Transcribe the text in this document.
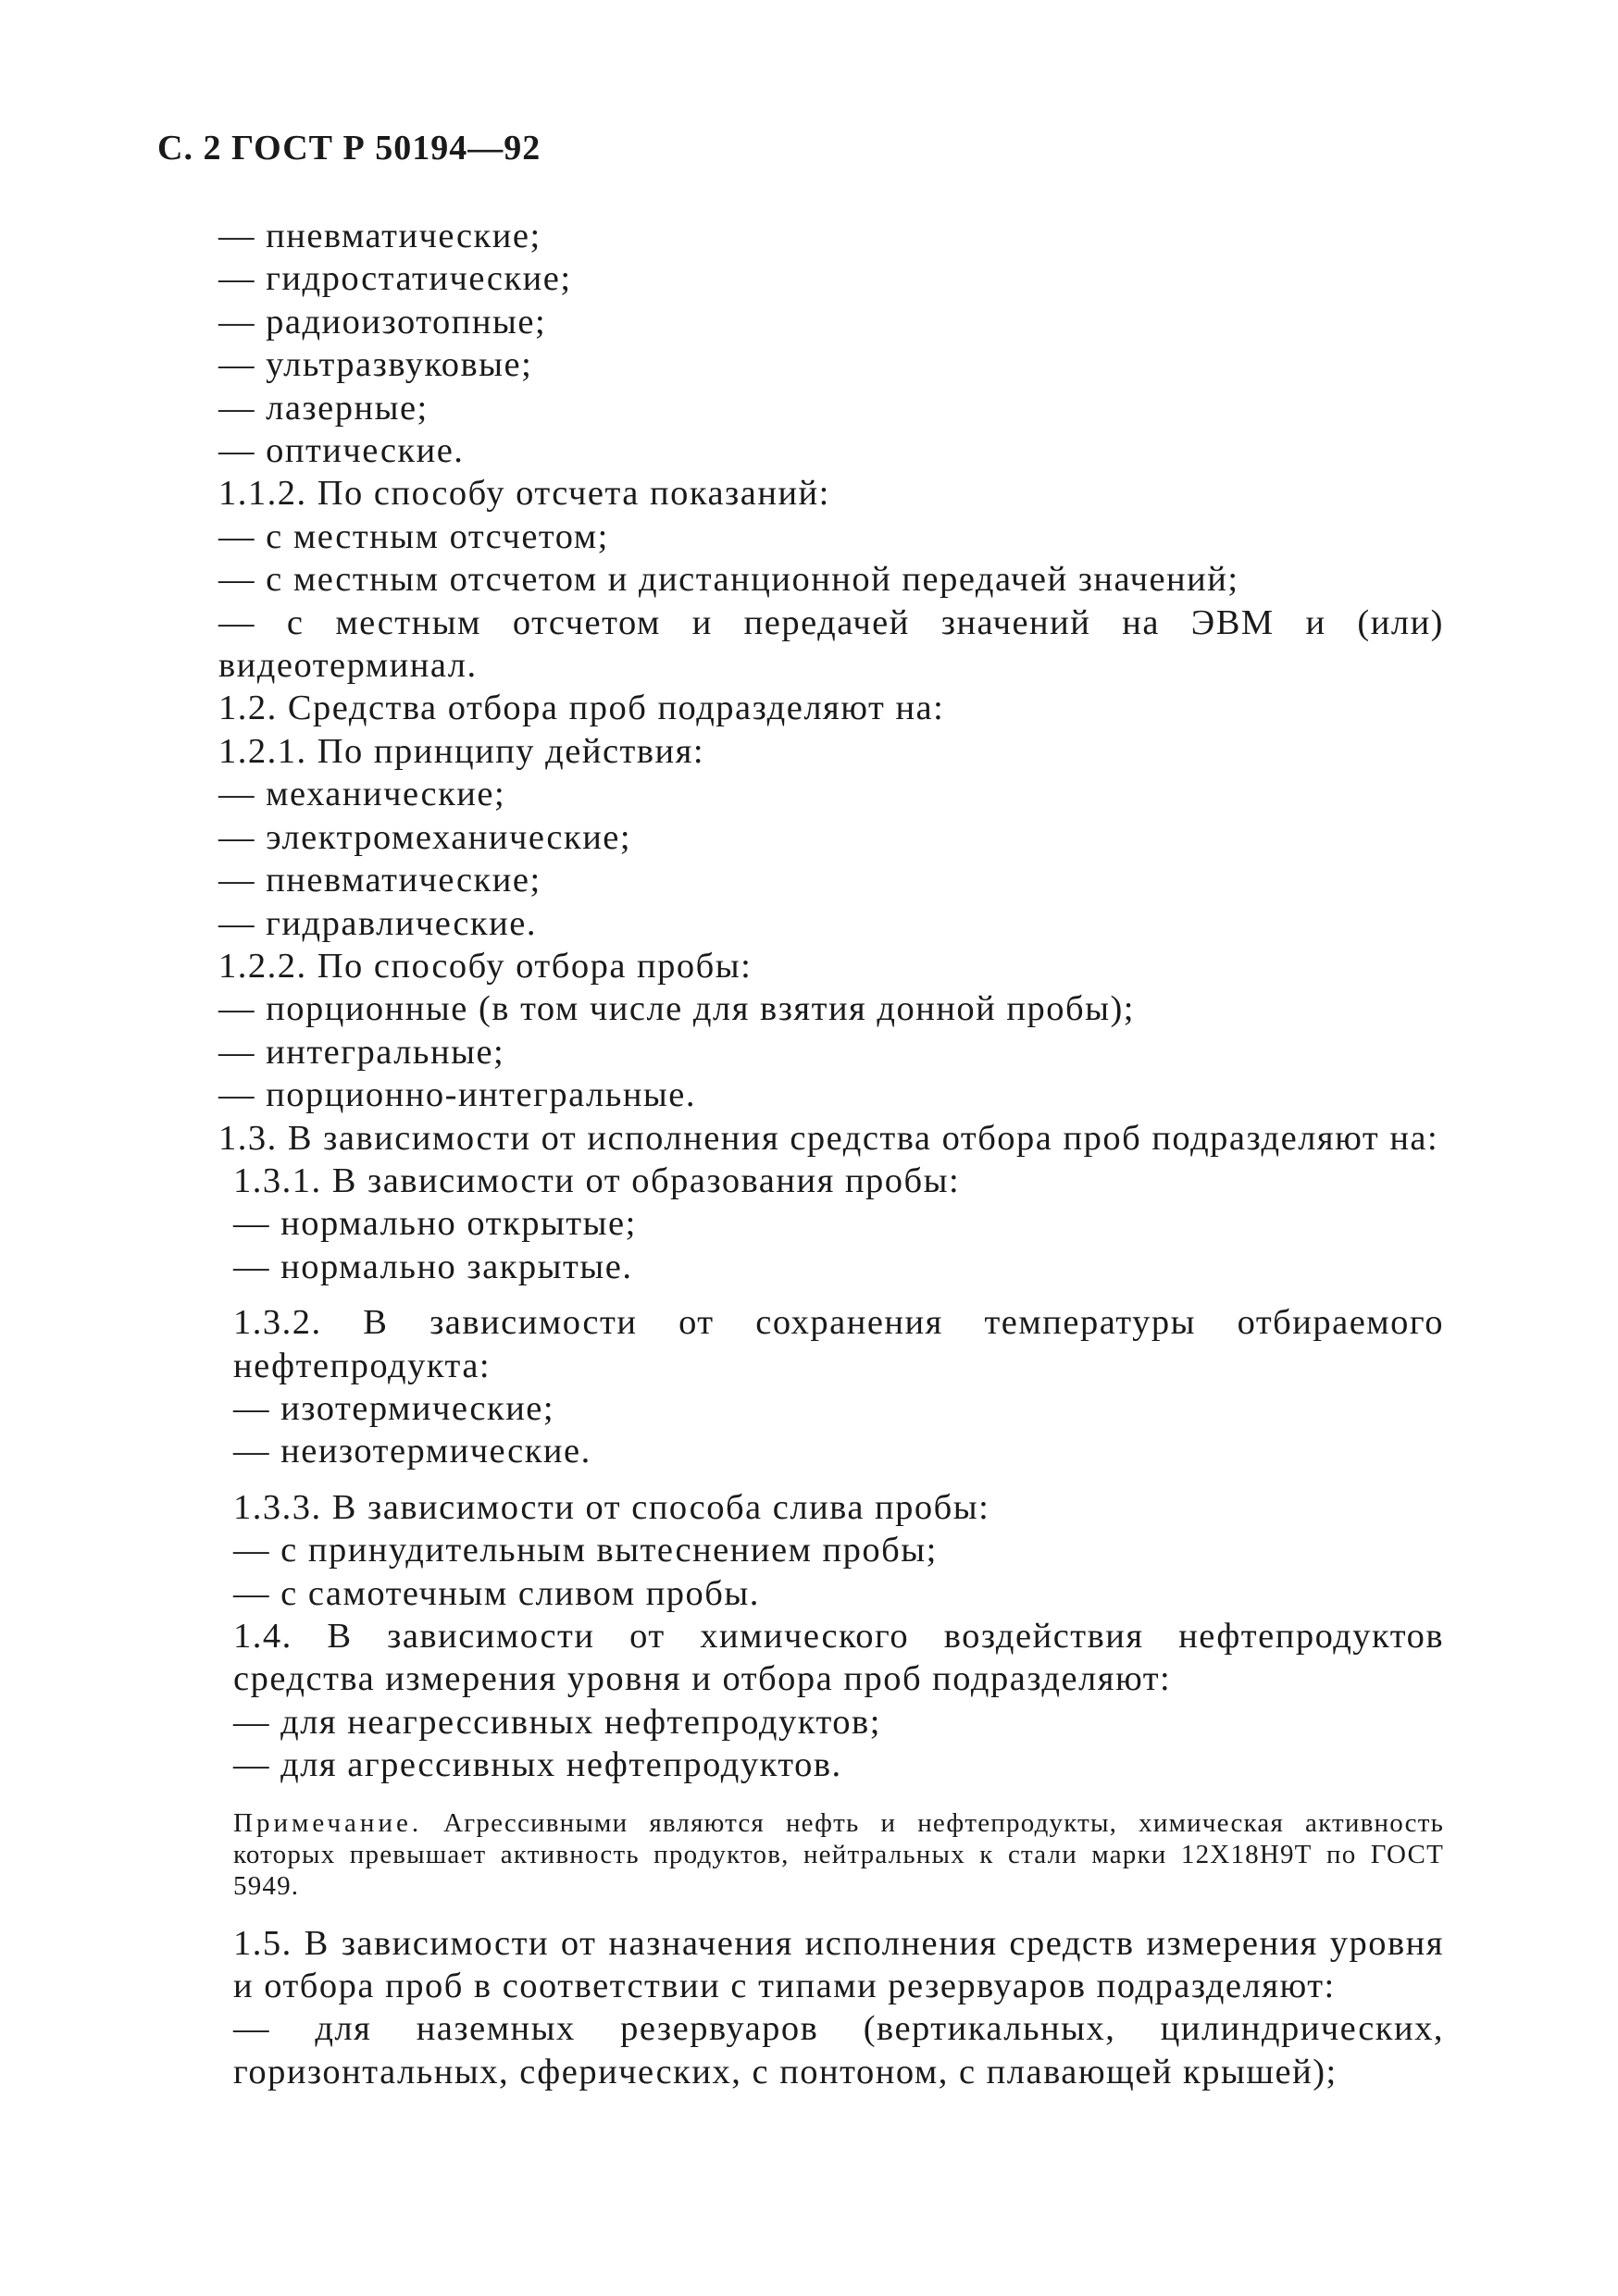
С. 2 ГОСТ Р 50194—92

— пневматические;

— гидростатические;

— радиоизотопные;

— ультразвуковые;

— лазерные;

— оптические.

1.1.2. По способу отсчета показаний:

— с местным отсчетом;

— с местным отсчетом и дистанционной передачей значений;

— с местным отсчетом и передачей значений на ЭВМ и (или) видеотерминал.

1.2. Средства отбора проб подразделяют на:

1.2.1. По принципу действия:

— механические;

— электромеханические;

— пневматические;

— гидравлические.

1.2.2. По способу отбора пробы:

— порционные (в том числе для взятия донной пробы);

— интегральные;

— порционно-интегральные.

1.3. В зависимости от исполнения средства отбора проб подразделяют на:

1.3.1. В зависимости от образования пробы:

— нормально открытые;

— нормально закрытые.

1.3.2. В зависимости от сохранения температуры отбираемого нефтепродукта:

— изотермические;

— неизотермические.

1.3.3. В зависимости от способа слива пробы:

— с принудительным вытеснением пробы;

— с самотечным сливом пробы.

1.4. В зависимости от химического воздействия нефтепродуктов средства измерения уровня и отбора проб подразделяют:

— для неагрессивных нефтепродуктов;

— для агрессивных нефтепродуктов.

Примечание. Агрессивными являются нефть и нефтепродукты, химическая активность которых превышает активность продуктов, нейтральных к стали марки 12Х18Н9Т по ГОСТ 5949.

1.5. В зависимости от назначения исполнения средств измерения уровня и отбора проб в соответствии с типами резервуаров подразделяют:

— для наземных резервуаров (вертикальных, цилиндрических, горизонтальных, сферических, с понтоном, с плавающей крышей);
